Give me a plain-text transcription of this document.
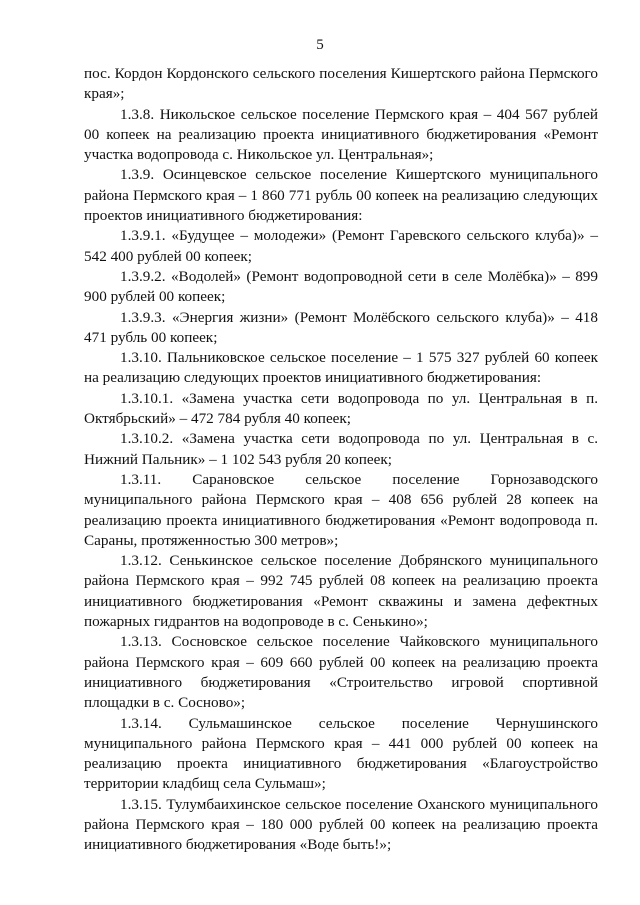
5

пос. Кордон Кордонского сельского поселения Кишертского района Пермского края»;

1.3.8. Никольское сельское поселение Пермского края – 404 567 рублей 00 копеек на реализацию проекта инициативного бюджетирования «Ремонт участка водопровода с. Никольское ул. Центральная»;

1.3.9. Осинцевское сельское поселение Кишертского муниципального района Пермского края – 1 860 771 рубль 00 копеек на реализацию следующих проектов инициативного бюджетирования:

1.3.9.1. «Будущее – молодежи» (Ремонт Гаревского сельского клуба)» – 542 400 рублей 00 копеек;

1.3.9.2. «Водолей» (Ремонт водопроводной сети в селе Молёбка)» – 899 900 рублей 00 копеек;

1.3.9.3. «Энергия жизни» (Ремонт Молёбского сельского клуба)» – 418 471 рубль 00 копеек;

1.3.10. Пальниковское сельское поселение – 1 575 327 рублей 60 копеек на реализацию следующих проектов инициативного бюджетирования:

1.3.10.1. «Замена участка сети водопровода по ул. Центральная в п. Октябрьский» – 472 784 рубля 40 копеек;

1.3.10.2. «Замена участка сети водопровода по ул. Центральная в с. Нижний Пальник» – 1 102 543 рубля 20 копеек;

1.3.11. Сарановское сельское поселение Горнозаводского муниципального района Пермского края – 408 656 рублей 28 копеек на реализацию проекта инициативного бюджетирования «Ремонт водопровода п. Сараны, протяженностью 300 метров»;

1.3.12. Сенькинское сельское поселение Добрянского муниципального района Пермского края – 992 745 рублей 08 копеек на реализацию проекта инициативного бюджетирования «Ремонт скважины и замена дефектных пожарных гидрантов на водопроводе в с. Сенькино»;

1.3.13. Сосновское сельское поселение Чайковского муниципального района Пермского края – 609 660 рублей 00 копеек на реализацию проекта инициативного бюджетирования «Строительство игровой спортивной площадки в с. Сосново»;

1.3.14. Сульмашинское сельское поселение Чернушинского муниципального района Пермского края – 441 000 рублей 00 копеек на реализацию проекта инициативного бюджетирования «Благоустройство территории кладбищ села Сульмаш»;

1.3.15. Тулумбаихинское сельское поселение Оханского муниципального района Пермского края – 180 000 рублей 00 копеек на реализацию проекта инициативного бюджетирования «Воде быть!»;
